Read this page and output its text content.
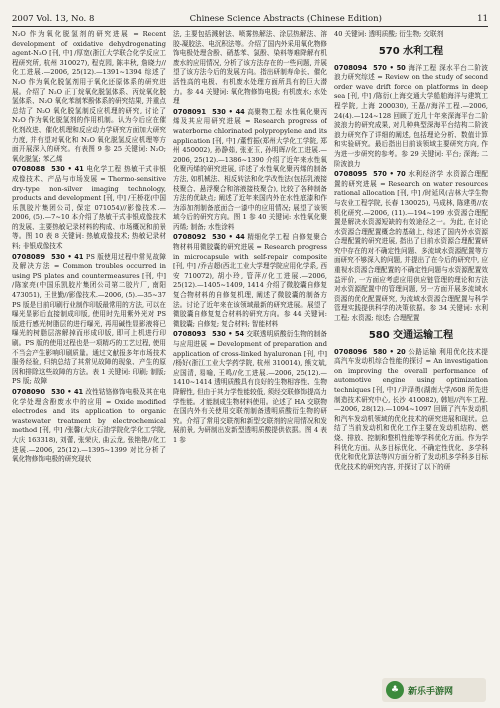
2007 Vol. 13, No. 8	Chinese Science Abstracts (Chinese Edition)	11
N₂O 作为氧化脱氢剂的研究进展 = Recent development of oxidative dehydrogenating agent-N₂O [刊, 中] /厚宽(浙江大学联合化学反应工程研究所, 杭州 310027), 程克园, 陈丰秋, 詹晓力//化工进展.—2006, 25(12).—1391~1394 综述了 N₂O 作为氧化脱氢剂用于氧化还原体系的研究进展。介绍了 N₂O 正丁烷氧化脱氢体系、丙烷氧化脱氢体系、N₂O 氧化苯制苯酚体系的研究结果, 并重点总结了 N₂O 氧化脱氢制反应机理的研究, 讨论了 N₂O 作为氧化脱氢剂的作用机制。认为今后应在催化剂改进、催化机理和反应动力学研究方面加大研究力度, 并有望对氧化和 N₂O 氧化脱氢反应机理等方面开展深入的研究。有表图 9 参 25 关键词: N₂O; 氧化脱氢; 苯乙烯
0708088 530 • 41 电化学工程 热敏干式非银成像技术、产品与市场发展 = Thermo-sensitive dry-type non-silver imaging technology, products and development [刊, 中] /王桥花(中国乐凯胶片集团公司, 保定 071054)//影像技术.—2006, (5).—7~10 本介绍了热敏干式非银成像技术的发展、主要热敏记录材料的构成、市场概况和前景等。图 10 表 8 关键词: 热敏成像技术; 热敏记录材料; 非银成像技术
0708089 530 • 41 PS 版使用过程中常见故障及解决方法 = Common troubles occurred in using PS plates and countermeasures [刊, 中] /陈家亮(中国乐凯胶片集团公司第二胶片厂, 南阳 473051), 王世勤//影像技术.—2006, (5).—35~37 PS 版是目前印刷行业制作印版最常用的方法, 可以在曝光显影后直接制成印版, 使用时先用紫外光对 PS 版进行感光树脂层的进行曝光, 再用碱性显影液将已曝光的树脂层溶解掉而形成印版, 即可上机进行印刷。PS 版的使用过程也是一项精巧的工艺过程, 使用不当会产生影响印刷质量。通过文献报多年市场技术服务经验, 归纳总结了其常见故障的现象、产生的原因和排除这些故障的方法。表 1 关键词: 印刷; 制版; PS 版; 故障
0708090 530 • 41 改性钴铬修饰电极及其在电化学处理含酚废水中的应用 = Oxide modified electrodes and its application to organic wastewater treatment by electrochemical method [刊, 中] /张馨(大庆石油学院化学化工学院, 大庆 163318), 刘蕾, 张荣庆, 曲云龙, 张艳艳//化工进展.—2006, 25(12).—1395~1399 对比分析了氧化物修饰电极的研究现状
法, 主要包括溅射法、喷雾热解法、涂层热解法、溶胶-凝胶法、电沉积法等。介绍了国内外采用氧化物修饰电极处理含酚、硝基苯、氯酚、染料等难降解有机废水的应用情况, 分析了该方法存在的一些问题, 并展望了该方法今后的发展方向。指出研制寿命长、催化活性高的电极、有机废水处理方面所具有的巨大潜力。参 44 关键词: 氧化物修饰电极; 有机废水; 水处理
0708091 530 • 44 高聚物工程 水性氧化聚丙烯及其应用研究进展 = Research progress of waterborne chlorinated polypropylene and its application [刊, 中] /董哲振(郑州大学化工学院, 郑州 450002), 孙静茹, 张亚玉, 孙明晖//化工进展.—2006, 25(12).—1386~1390 介绍了近年来水性氧化聚丙烯的研究进展, 详述了水性氧化聚丙烯的制备方法, 如机械法、相反转法和化学改性法(包括乳液接枝聚合、悬浮聚合和溶液接枝聚合), 比较了各种制备方法的优缺点; 阐述了近年来国内外在水性底漆和作为添加剂制备底面合一漆中的应用情况; 展望了该领域今后的研究方向。图 1 参 40 关键词: 水性氧化聚丙烯; 制备; 水性涂料
0708092 530 • 44 精细化学工程 自修复聚合物材料用微胶囊的研究进展 = Research progress in microcapsule with self-repair composite [刊, 中] /乔吉超(西北工业大学理学院应用化学系, 西安 710072), 胡小玲, 管萍//化工进展.—2006, 25(12).—1405~1409, 1414 介绍了微胶囊自修复复合物材料的自修复机理, 阐述了微胶囊的制备方法。讨论了近年来在该领域最新的研究进展。展望了微胶囊自修复复合材料的研究方向。参 44 关键词: 微胶囊; 自修复; 复合材料; 智能材料
0708093 530 • 54 交联透明质酸衍生物的制备与应用进展 = Development of preparation and application of cross-linked hyaluronan [刊, 中] /杨好(浙江工业大学药学院, 杭州 310014), 熊文斌, 应国清, 易喻, 王鸣//化工进展.—2006, 25(12).—1410~1414 透明质酸具有良好的生物相容性、生物降解性, 但由于其力学性能较低, 须经交联修饰提高力学性能。才能制成生物材料使用。论述了 HA 交联物在国内外有关使用交联剂制备透明质酸衍生物的研究。介绍了常用交联剂和新型交联剂的应用情况和发展前景, 为研制出发新型透明质酸提供依据。图 4 表 1 参
40 关键词: 透明质酸; 衍生物; 交联剂
570 水利工程
0708094 570 • 50 海洋工程 深水平台二阶波浪力研究综述 = Review on the study of second order wave drift force on platforms in deep sea [刊, 中] /陈衍(上海交通大学船舶海洋与建筑工程学院, 上海 200030), 王磊//海洋工程.—2006, 24(4).—124~128 回顾了近几十年来深海平台二阶波浪力的研究成果, 对几种典型深海平台结构二阶波浪力研究作了详细的阐述, 包括理论分析、数值计算和实验研究。最后指出目前该领域主要研究方向, 作为进一步研究的参考。参 29 关键词: 平台; 深海; 二阶波浪力
0708095 570 • 70 水利经济学 水资源合理配置的研究进展 = Research on water resources rational allocation [刊, 中] /时延风(吉林大学生物与农业工程学院, 长春 130025), 马成林, 陈建勇//农机化研究.—2006, (11).—194~199 水资源合理配置是解决水资源短缺的有效途径之一。为此, 在讨论水资源合理配置概念的基础上, 综述了国内外水资源合理配置的研究进展, 指出了目前水资源合理配置研究中存在的对不确定性问题、多流域水资源配置等方面研究不够深入的问题, 并提出了在今后的研究中, 应重视水资源合理配置的不确定性问题与水资源配置效益评价, 一方面应考虑应用供应链管理的理论和方法对水资源配置中的管理问题, 另一方面开展多流域水资源的优化配置研究, 为流域水资源合理配置与科学管理实践提供科学的决策依据。参 34 关键词: 水利工程; 水资源; 综述; 合理配置
580 交通运输工程
0708096 580 • 20 公路运输 利用优化技术提高汽车发动机综合性能的探讨 = An investigation on improving the overall performance of automotive engine using optimization techniques [刊, 中] /尹泽勇(湖南大学/608 所先进制造技术研究中心, 长沙 410082), 韩旭//汽车工程.—2006, 28(12).—1094~1097 回顾了汽车发动机和汽车发动机领域的优化技术的研究进展和现状。总结了当前发动机和优化工作主要在发动机结构、燃烧、排放、控制和整机性能等学科优化方面。作为学科优化方面。从多目标优化、不确定性优化、多学科优化和优化算法等四方面分析了发动机多学科多目标优化技术的研究内容, 并探讨了以下的研
♣ 新乐手游网
